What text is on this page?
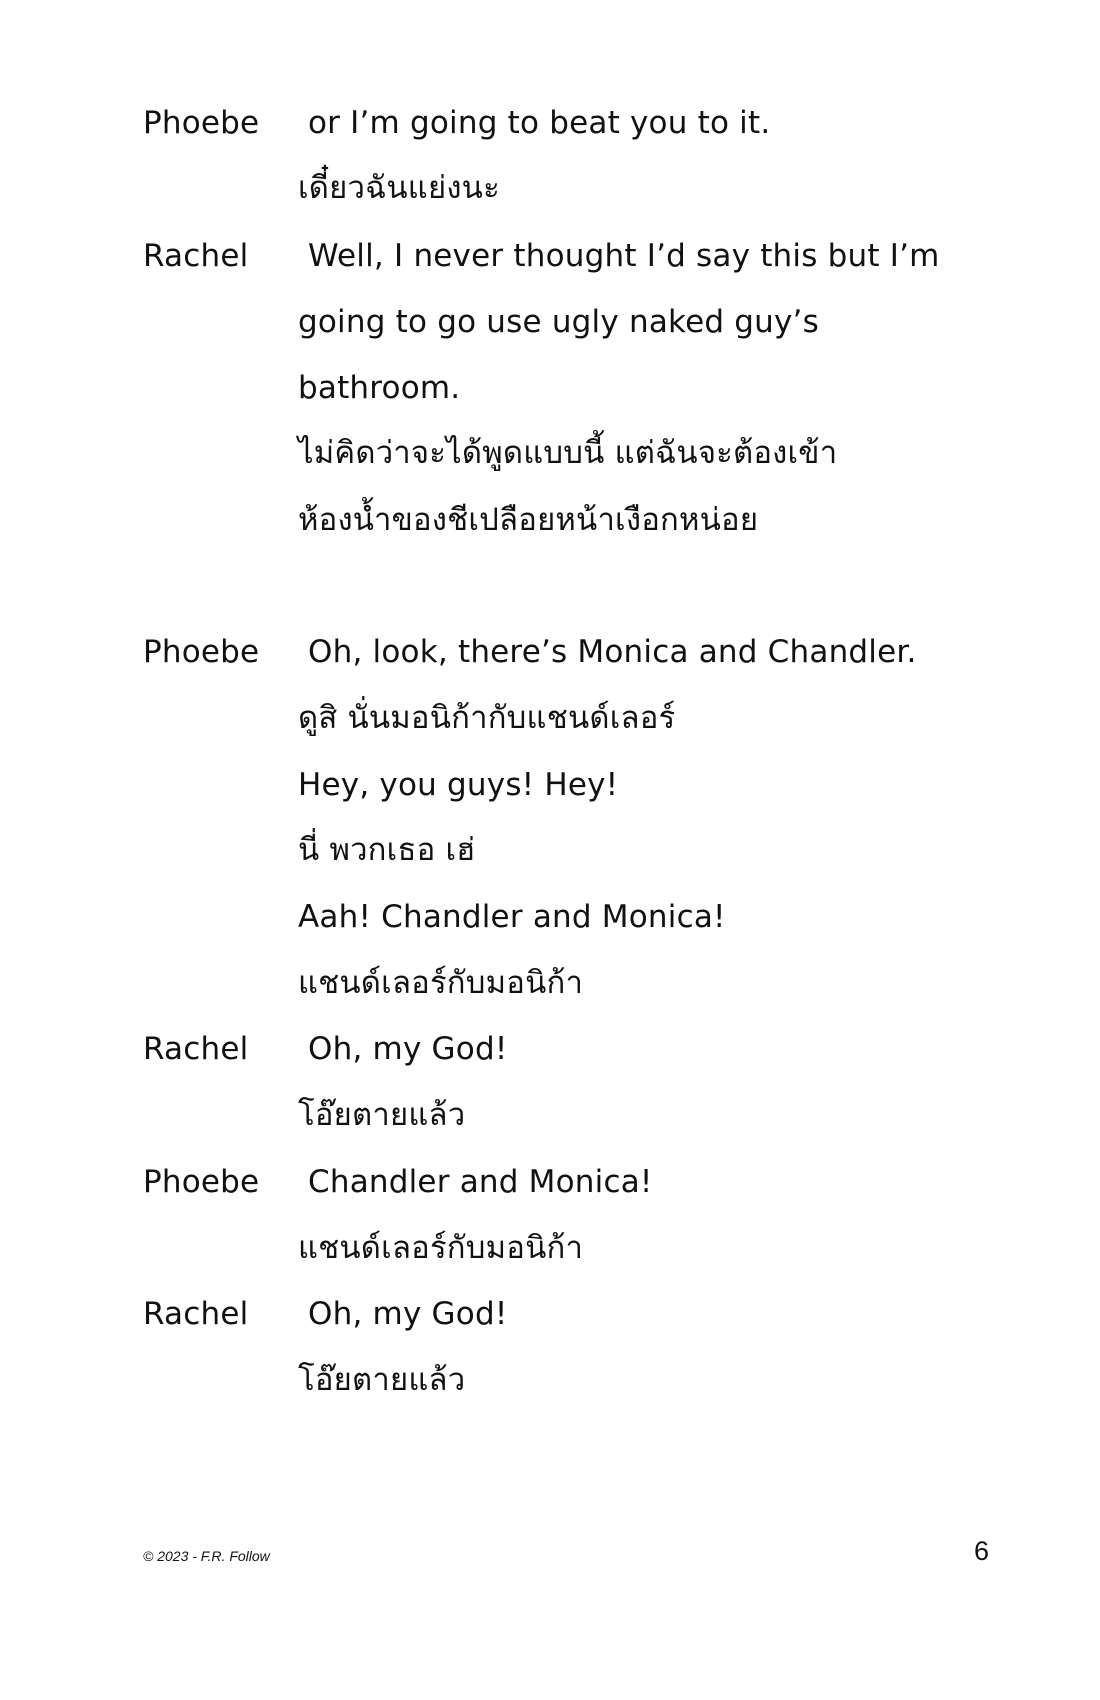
Phoebe or I’m going to beat you to it.
เดี๋ยวฉันแย่งนะ
Rachel Well, I never thought I’d say this but I’m
going to go use ugly naked guy’s
bathroom.
ไม่คิดว่าจะได้พูดแบบนี้ แต่ฉันจะต้องเข้า
ห้องน้ำของชีเปลือยหน้าเงือกหน่อย
Phoebe Oh, look, there’s Monica and Chandler.
ดูสิ นั่นมอนิก้ากับแชนด์เลอร์
Hey, you guys! Hey!
นี่ พวกเธอ เฮ่
Aah! Chandler and Monica!
แชนด์เลอร์กับมอนิก้า
Rachel Oh, my God!
โอ๊ยตายแล้ว
Phoebe Chandler and Monica!
แชนด์เลอร์กับมอนิก้า
Rachel Oh, my God!
โอ๊ยตายแล้ว
© 2023 - F.R. Follow	6
